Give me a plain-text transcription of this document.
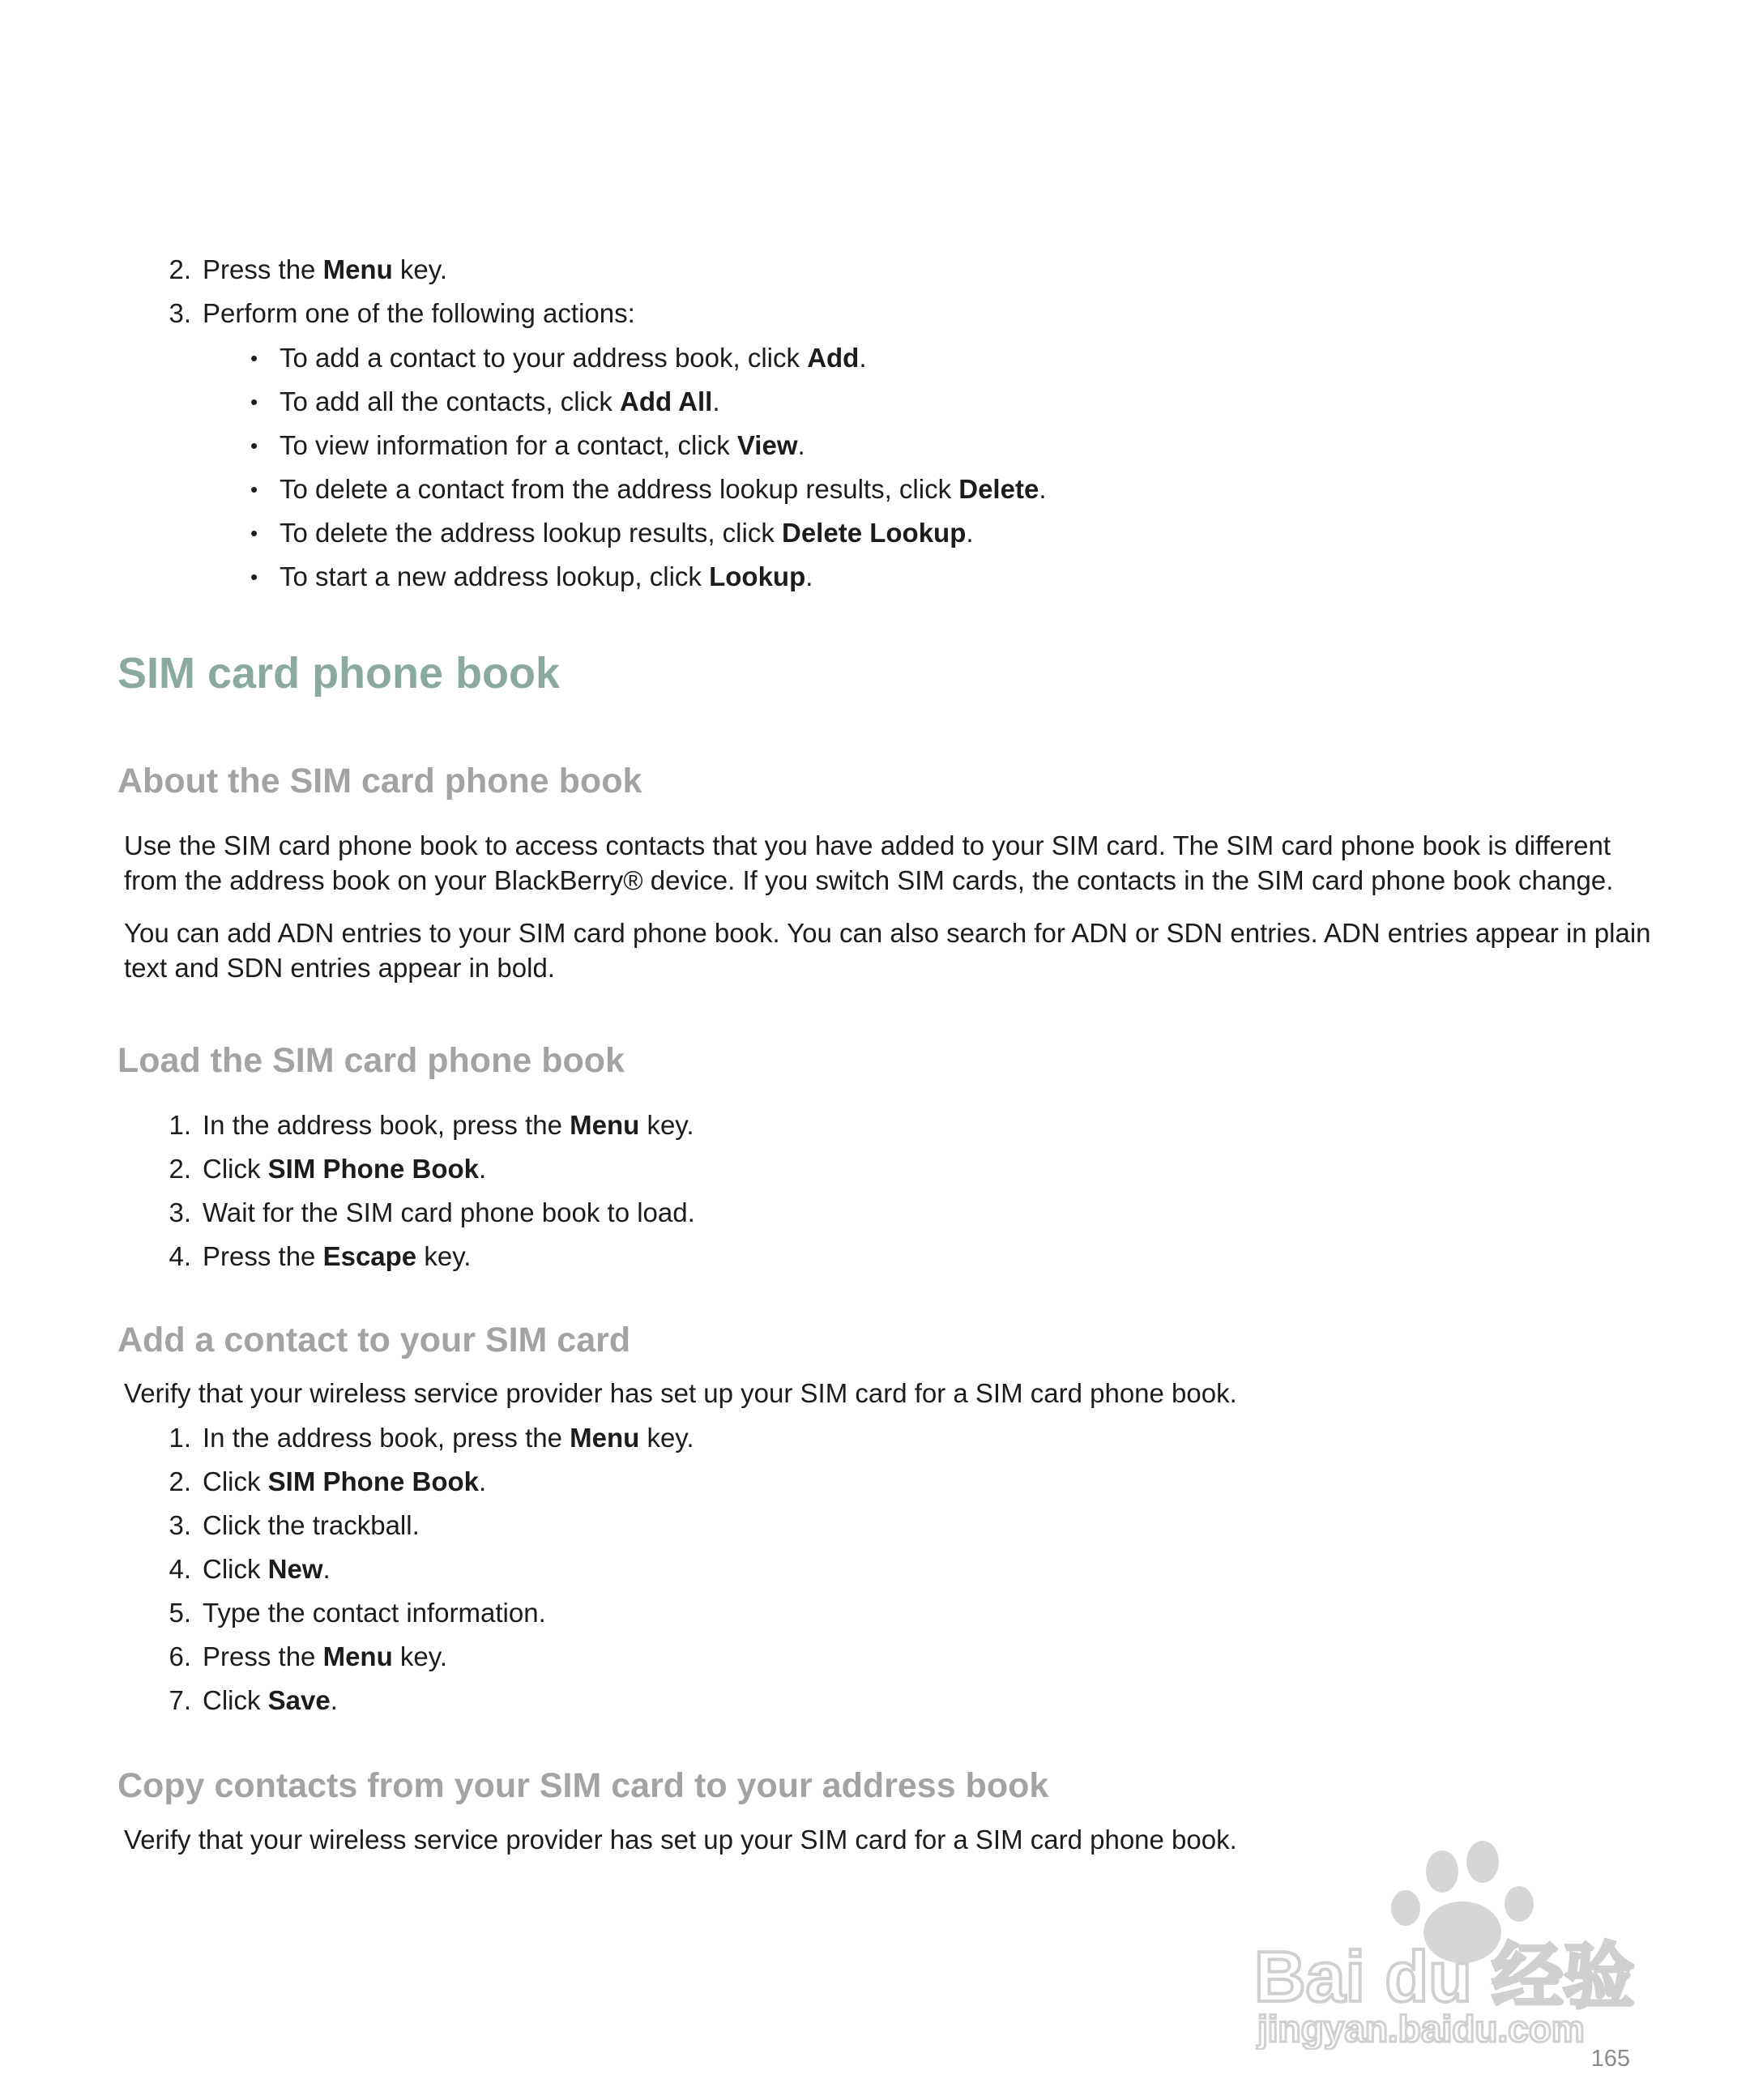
2. Press the Menu key.
3. Perform one of the following actions:
• To add a contact to your address book, click Add.
• To add all the contacts, click Add All.
• To view information for a contact, click View.
• To delete a contact from the address lookup results, click Delete.
• To delete the address lookup results, click Delete Lookup.
• To start a new address lookup, click Lookup.
SIM card phone book
About the SIM card phone book

Use the SIM card phone book to access contacts that you have added to your SIM card. The SIM card phone book is different from the address book on your BlackBerry® device. If you switch SIM cards, the contacts in the SIM card phone book change.

You can add ADN entries to your SIM card phone book. You can also search for ADN or SDN entries. ADN entries appear in plain text and SDN entries appear in bold.

Load the SIM card phone book
1. In the address book, press the Menu key.
2. Click SIM Phone Book.
3. Wait for the SIM card phone book to load.
4. Press the Escape key.
Add a contact to your SIM card

Verify that your wireless service provider has set up your SIM card for a SIM card phone book.

1. In the address book, press the Menu key.
2. Click SIM Phone Book.
3. Click the trackball.
4. Click New.
5. Type the contact information.
6. Press the Menu key.
7. Click Save.
Copy contacts from your SIM card to your address book

Verify that your wireless service provider has set up your SIM card for a SIM card phone book.

Bai du 经验
jingyan.baidu.com
165
